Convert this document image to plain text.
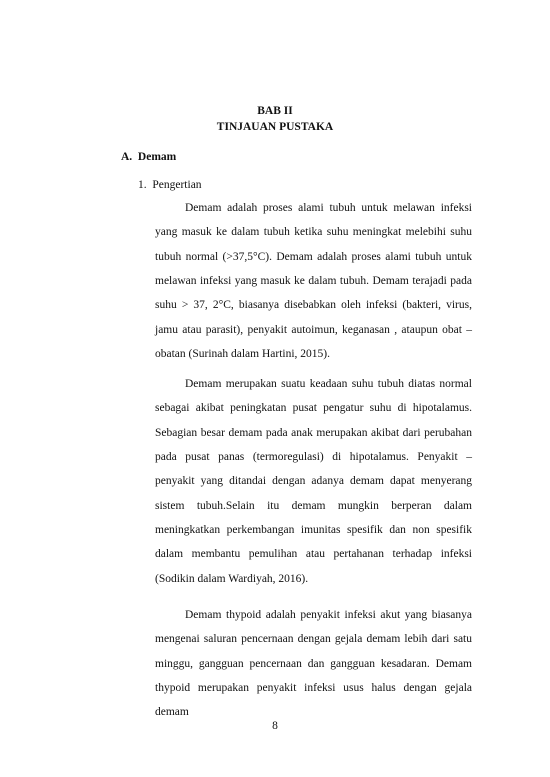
BAB II
TINJAUAN PUSTAKA
A.  Demam
1.  Pengertian

Demam adalah proses alami tubuh untuk melawan infeksi yang masuk ke dalam tubuh ketika suhu meningkat melebihi suhu tubuh normal (>37,5°C). Demam adalah proses alami tubuh untuk melawan infeksi yang masuk ke dalam tubuh. Demam terajadi pada suhu > 37, 2°C, biasanya disebabkan oleh infeksi (bakteri, virus, jamu atau parasit), penyakit autoimun, keganasan , ataupun obat – obatan (Surinah dalam Hartini, 2015).

Demam merupakan suatu keadaan suhu tubuh diatas normal sebagai akibat peningkatan pusat pengatur suhu di hipotalamus. Sebagian besar demam pada anak merupakan akibat dari perubahan pada pusat panas (termoregulasi) di hipotalamus. Penyakit – penyakit yang ditandai dengan adanya demam dapat menyerang sistem tubuh.Selain itu demam mungkin berperan dalam meningkatkan perkembangan imunitas spesifik dan non spesifik dalam membantu pemulihan atau pertahanan terhadap infeksi (Sodikin dalam Wardiyah, 2016).

Demam thypoid adalah penyakit infeksi akut yang biasanya mengenai saluran pencernaan dengan gejala demam lebih dari satu minggu, gangguan pencernaan dan gangguan kesadaran. Demam thypoid merupakan penyakit infeksi usus halus dengan gejala demam

8
